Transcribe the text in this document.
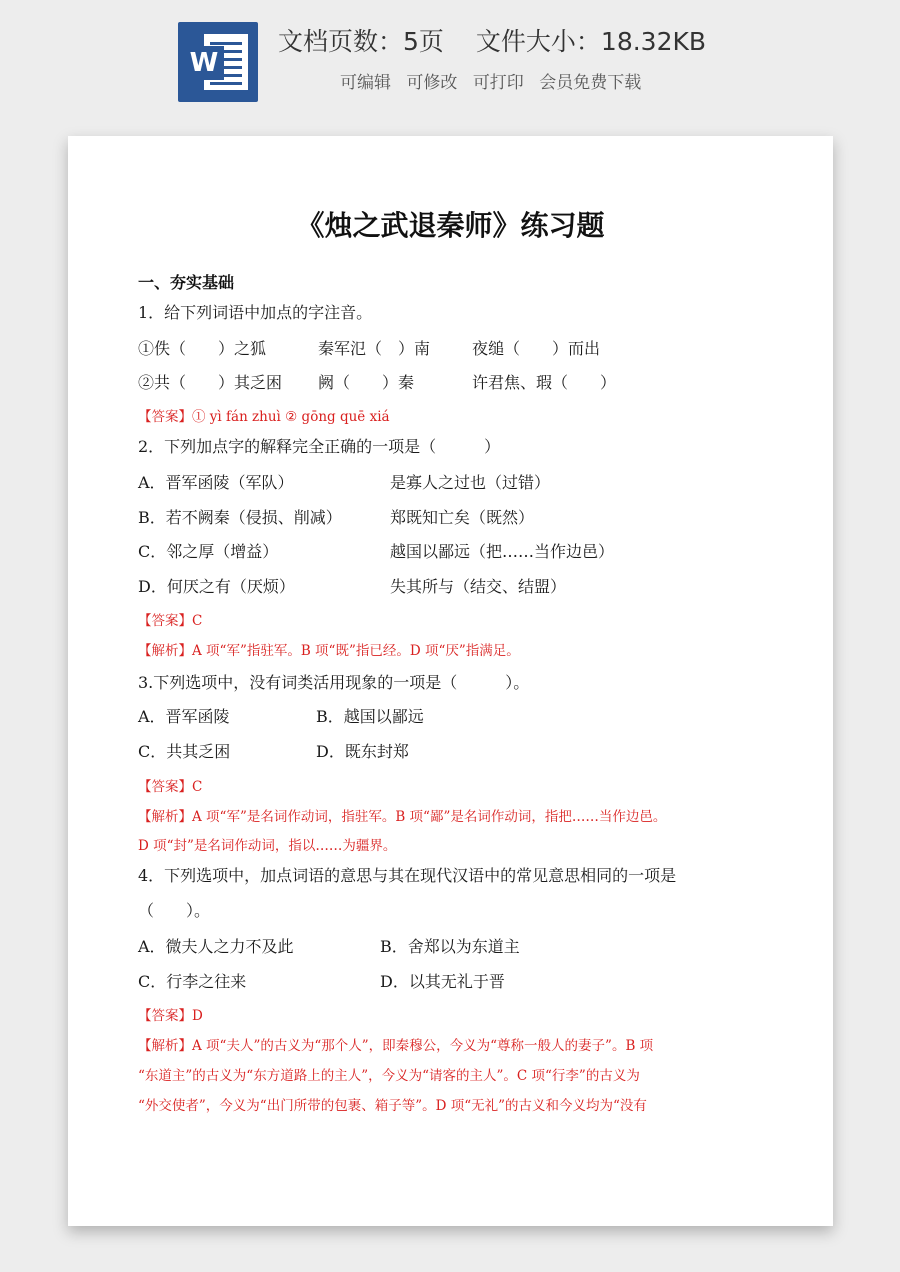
W
文档页数：5页 文件大小：18.32KB
可编辑 可修改 可打印 会员免费下载
《烛之武退秦师》练习题
一、夯实基础
1．给下列词语中加点的字注音。
①佚（　　）之狐	秦军氾（　）南	夜缒（　　）而出
②共（　　）其乏困 阙（　　）秦	许君焦、瑕（　　）
【答案】① yì fán zhuì ② gōng quē xiá
2．下列加点字的解释完全正确的一项是（　　　）
A．晋军函陵（军队）	是寡人之过也（过错）
B．若不阙秦（侵损、削减）	郑既知亡矣（既然）
C．邻之厚（增益）	越国以鄙远（把……当作边邑）
D．何厌之有（厌烦）	失其所与（结交、结盟）
【答案】C
【解析】A 项“军”指驻军。B 项“既”指已经。D 项“厌”指满足。
3.下列选项中，没有词类活用现象的一项是（　　　）。
A．晋军函陵	B．越国以鄙远
C．共其乏困	D．既东封郑
【答案】C
【解析】A 项“军”是名词作动词，指驻军。B 项“鄙”是名词作动词，指把……当作边邑。
D 项“封”是名词作动词，指以……为疆界。
4．下列选项中，加点词语的意思与其在现代汉语中的常见意思相同的一项是
（　　）。
A．微夫人之力不及此	B．舍郑以为东道主
C．行李之往来	D．以其无礼于晋
【答案】D
【解析】A 项“夫人”的古义为“那个人”，即秦穆公，今义为“尊称一般人的妻子”。B 项
“东道主”的古义为“东方道路上的主人”，今义为“请客的主人”。C 项“行李”的古义为
“外交使者”，今义为“出门所带的包裹、箱子等”。D 项“无礼”的古义和今义均为“没有
